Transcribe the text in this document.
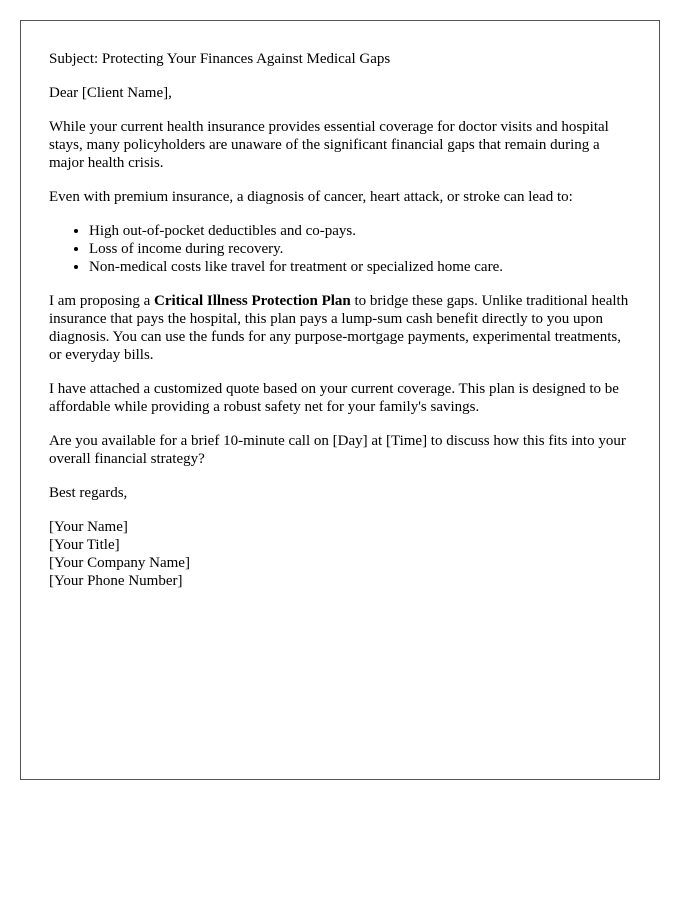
Subject: Protecting Your Finances Against Medical Gaps

Dear [Client Name],

While your current health insurance provides essential coverage for doctor visits and hospital stays, many policyholders are unaware of the significant financial gaps that remain during a major health crisis.

Even with premium insurance, a diagnosis of cancer, heart attack, or stroke can lead to:

• High out-of-pocket deductibles and co-pays.
• Loss of income during recovery.
• Non-medical costs like travel for treatment or specialized home care.

I am proposing a Critical Illness Protection Plan to bridge these gaps. Unlike traditional health insurance that pays the hospital, this plan pays a lump-sum cash benefit directly to you upon diagnosis. You can use the funds for any purpose-mortgage payments, experimental treatments, or everyday bills.

I have attached a customized quote based on your current coverage. This plan is designed to be affordable while providing a robust safety net for your family's savings.

Are you available for a brief 10-minute call on [Day] at [Time] to discuss how this fits into your overall financial strategy?

Best regards,

[Your Name]
[Your Title]
[Your Company Name]
[Your Phone Number]
